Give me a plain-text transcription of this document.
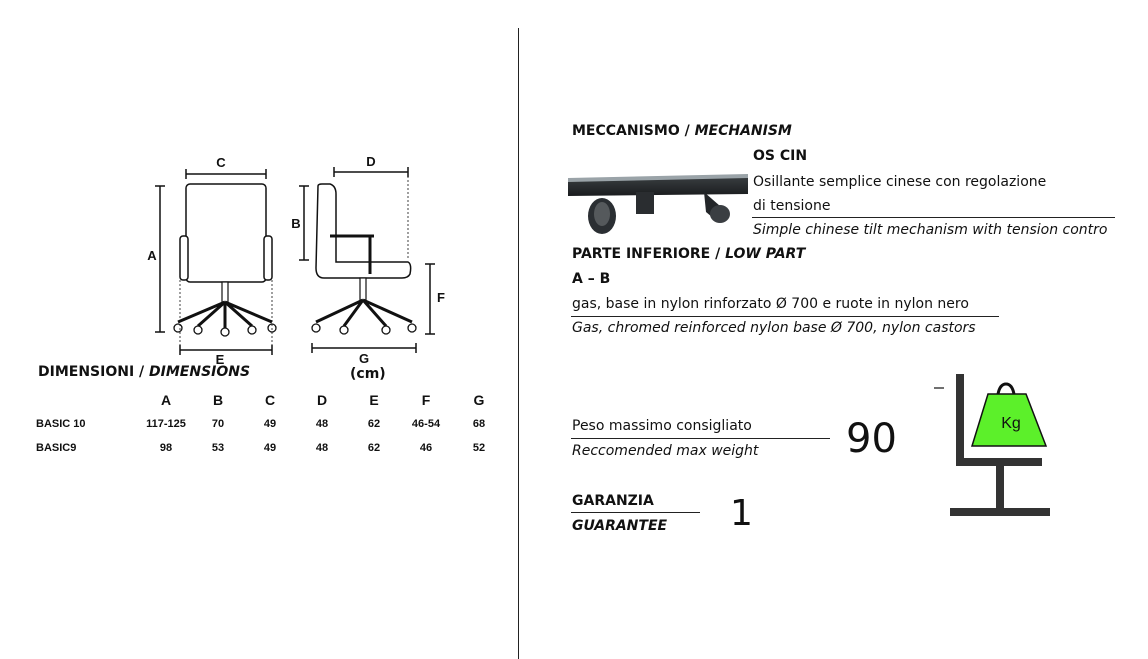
C
A
E
D
B
F
G
(cm)
DIMENSIONI / DIMENSIONS
	A	B	C	D	E	F	G
BASIC 10	117-125	70	49	48	62	46-54	68
BASIC9	98	53	49	48	62	46	52
MECCANISMO / MECHANISM
OS CIN
Osillante semplice cinese con regolazione
di tensione
Simple chinese tilt mechanism with tension contro
PARTE INFERIORE / LOW PART
A – B
gas, base in nylon rinforzato Ø 700 e ruote in nylon nero
Gas, chromed reinforced nylon base Ø 700, nylon castors
Peso massimo consigliato
Reccomended max weight 90	Kg
GARANZIA
GUARANTEE 1
